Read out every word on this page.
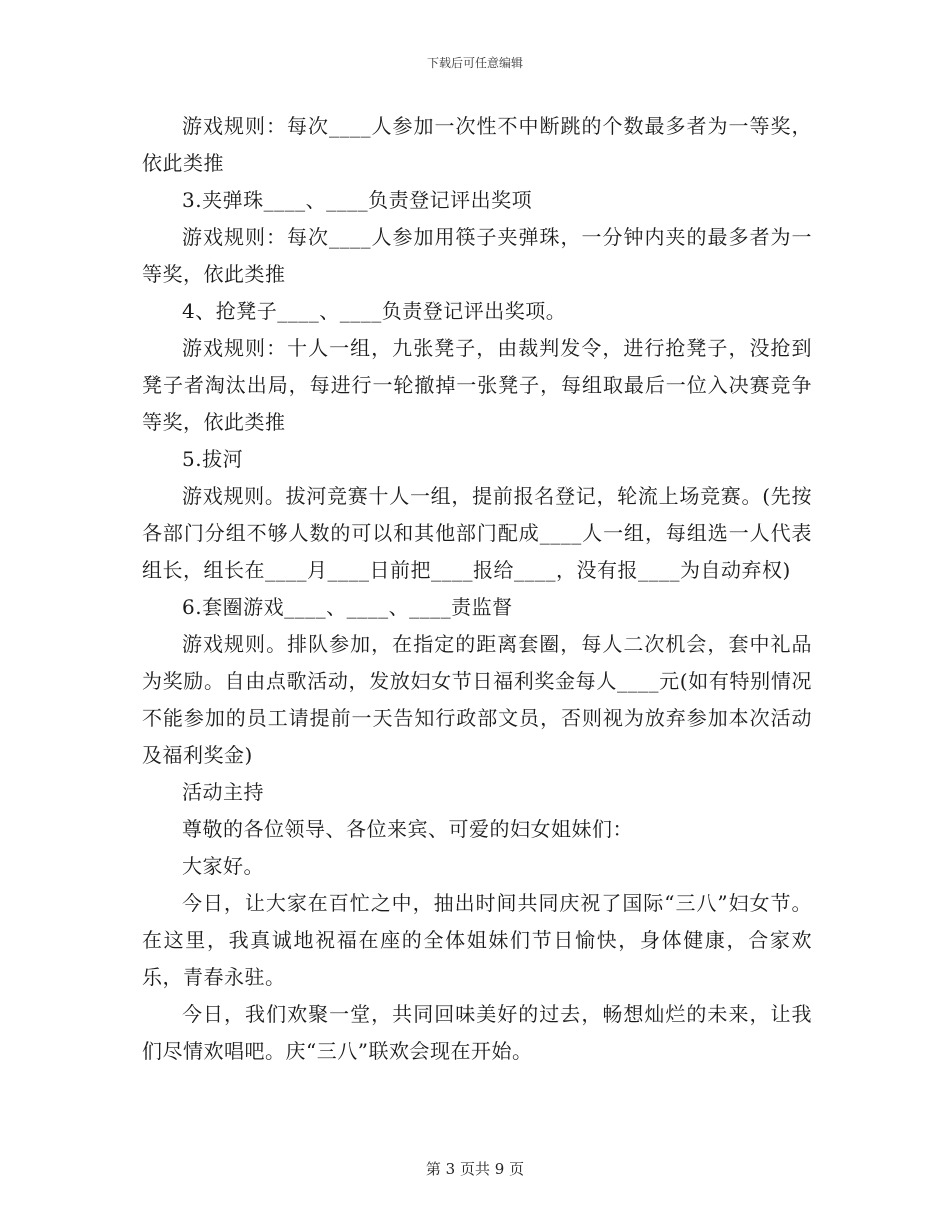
下载后可任意编辑

游戏规则：每次____人参加一次性不中断跳的个数最多者为一等奖，依此类推

3.夹弹珠____、____负责登记评出奖项

游戏规则：每次____人参加用筷子夹弹珠，一分钟内夹的最多者为一等奖，依此类推

4、抢凳子____、____负责登记评出奖项。

游戏规则：十人一组，九张凳子，由裁判发令，进行抢凳子，没抢到凳子者淘汰出局，每进行一轮撤掉一张凳子，每组取最后一位入决赛竞争等奖，依此类推

5.拔河

游戏规则。拔河竞赛十人一组，提前报名登记，轮流上场竞赛。(先按各部门分组不够人数的可以和其他部门配成____人一组，每组选一人代表组长，组长在____月____日前把____报给____，没有报____为自动弃权)

6.套圈游戏____、____、____责监督

游戏规则。排队参加，在指定的距离套圈，每人二次机会，套中礼品为奖励。自由点歌活动，发放妇女节日福利奖金每人____元(如有特别情况不能参加的员工请提前一天告知行政部文员，否则视为放弃参加本次活动及福利奖金)

活动主持

尊敬的各位领导、各位来宾、可爱的妇女姐妹们：

大家好。

今日，让大家在百忙之中，抽出时间共同庆祝了国际“三八”妇女节。在这里，我真诚地祝福在座的全体姐妹们节日愉快，身体健康，合家欢乐，青春永驻。

今日，我们欢聚一堂，共同回味美好的过去，畅想灿烂的未来，让我们尽情欢唱吧。庆“三八”联欢会现在开始。

第 3 页共 9 页
